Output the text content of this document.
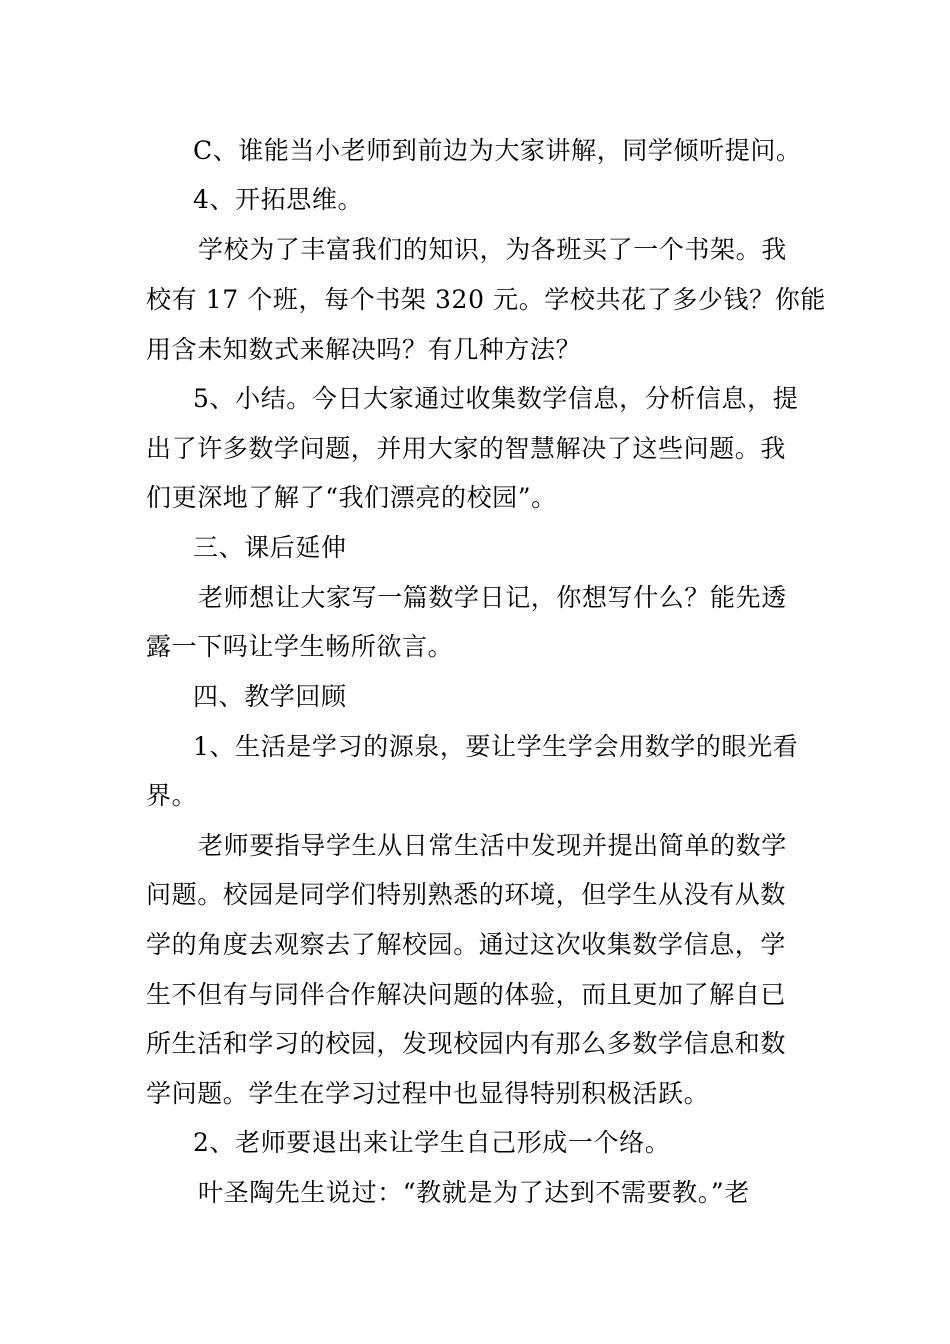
C、谁能当小老师到前边为大家讲解，同学倾听提问。
4、开拓思维。
学校为了丰富我们的知识，为各班买了一个书架。我
校有 17 个班，每个书架 320 元。学校共花了多少钱？你能
用含未知数式来解决吗？有几种方法？
5、小结。今日大家通过收集数学信息，分析信息，提
出了许多数学问题，并用大家的智慧解决了这些问题。我
们更深地了解了“我们漂亮的校园”。
三、课后延伸
老师想让大家写一篇数学日记，你想写什么？能先透
露一下吗让学生畅所欲言。
四、教学回顾
1、生活是学习的源泉，要让学生学会用数学的眼光看
界。
老师要指导学生从日常生活中发现并提出简单的数学
问题。校园是同学们特别熟悉的环境，但学生从没有从数
学的角度去观察去了解校园。通过这次收集数学信息，学
生不但有与同伴合作解决问题的体验，而且更加了解自已
所生活和学习的校园，发现校园内有那么多数学信息和数
学问题。学生在学习过程中也显得特别积极活跃。
2、老师要退出来让学生自己形成一个络。
叶圣陶先生说过：“教就是为了达到不需要教。”老
